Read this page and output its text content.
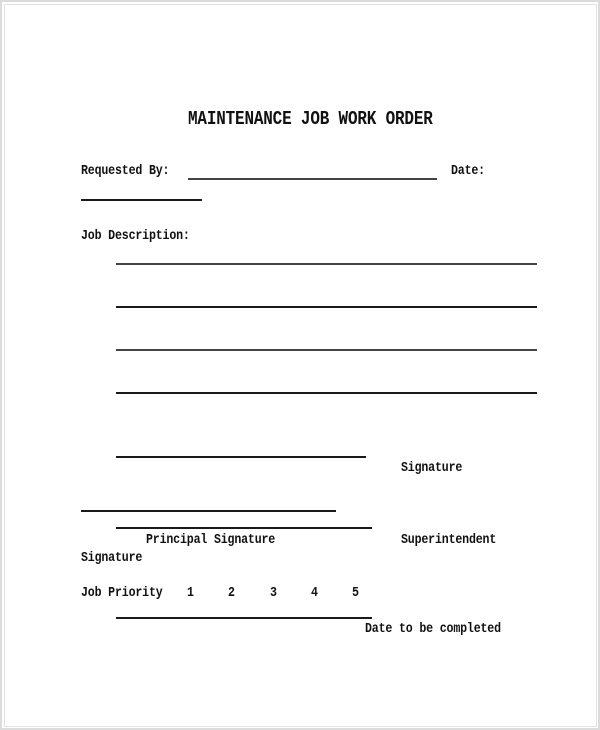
MAINTENANCE JOB WORK ORDER
Requested By:	Date:
Job Description:
Signature
Principal Signature	Superintendent
Signature
Job Priority 1	2	3	4	5
Date to be completed
